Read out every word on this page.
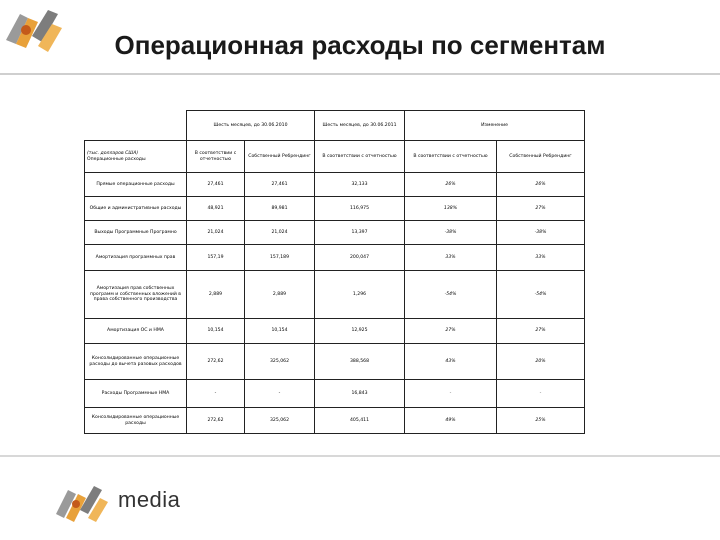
Операционная расходы по сегментам
	Шесть месяцев, до 30.06.2010		Шесть месяцев, до 30.06.2011	Изменение	

(тыс. долларов США)
Операционные расходы	В соответствии с отчетностью	Собственный Ребрендинг	В соответствии с отчетностью	В соответствии с отчетностью	Собственный Ребрендинг
Прямые операционные расходы	27,461	27,461	32,133	26%	26%
Общие и административные расходы	48,921	89,981	116,975	138%	27%
Выходы Программные Програмно	21,024	21,024	13,397	-38%	-38%
Амортизация программных прав	157,19	157,189	200,047	33%	33%
Амортизация прав собственных программ и собственных вложений в права собственного производства	2,889	2,889	1,296	-54%	-54%
Амортизация ОС и НМА	10,154	10,154	12,925	27%	27%
Консолидированные операционные расходы до вычета разовых расходов	272,62	325,062	388,568	43%	20%
Расходы Программные НМА	-	-	16,843	-	-
Консолидированные операционные расходы	272,62	325,062	405,411	49%	25%
media
